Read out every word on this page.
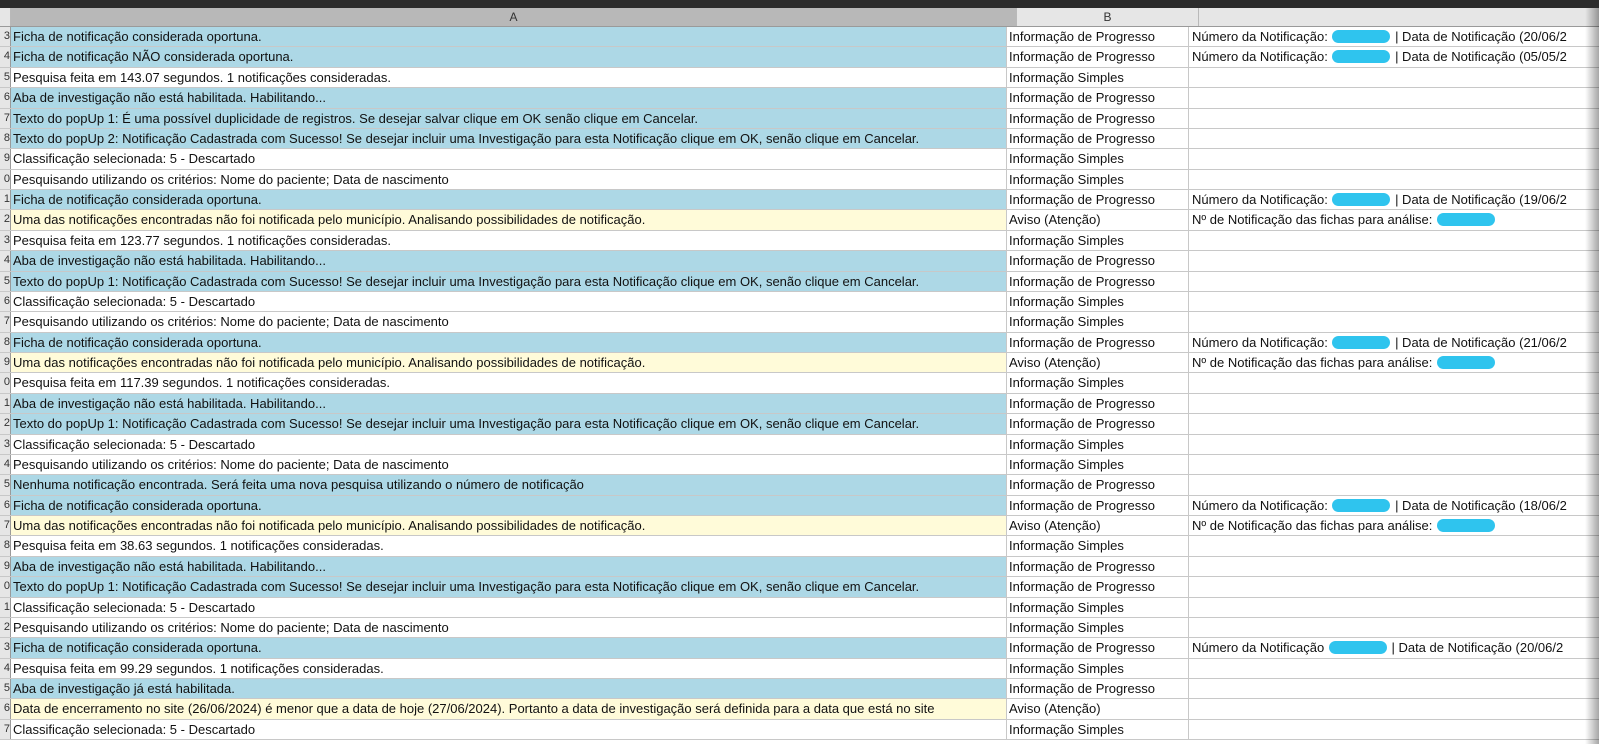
A	B
3 Ficha de notificação considerada oportuna.	Informação de Progresso	Número da Notificação:	| Data de Notificação (20/06/2
4 Ficha de notificação NÃO considerada oportuna.	Informação de Progresso	Número da Notificação:	| Data de Notificação (05/05/2
5 Pesquisa feita em 143.07 segundos. 1 notificações consideradas.	Informação Simples
6 Aba de investigação não está habilitada. Habilitando...	Informação de Progresso
7 Texto do popUp 1: É uma possível duplicidade de registros. Se desejar salvar clique em OK senão clique em Cancelar.	Informação de Progresso
8 Texto do popUp 2: Notificação Cadastrada com Sucesso! Se desejar incluir uma Investigação para esta Notificação clique em OK, senão clique em Cancelar.	Informação de Progresso
9 Classificação selecionada: 5 - Descartado	Informação Simples
0 Pesquisando utilizando os critérios: Nome do paciente; Data de nascimento	Informação Simples
1 Ficha de notificação considerada oportuna.	Informação de Progresso	Número da Notificação:	| Data de Notificação (19/06/2
2 Uma das notificações encontradas não foi notificada pelo município. Analisando possibilidades de notificação.	Aviso (Atenção)	Nº de Notificação das fichas para análise:
3 Pesquisa feita em 123.77 segundos. 1 notificações consideradas.	Informação Simples
4 Aba de investigação não está habilitada. Habilitando...	Informação de Progresso
5 Texto do popUp 1: Notificação Cadastrada com Sucesso! Se desejar incluir uma Investigação para esta Notificação clique em OK, senão clique em Cancelar.	Informação de Progresso
6 Classificação selecionada: 5 - Descartado	Informação Simples
7 Pesquisando utilizando os critérios: Nome do paciente; Data de nascimento	Informação Simples
8 Ficha de notificação considerada oportuna.	Informação de Progresso	Número da Notificação:	| Data de Notificação (21/06/2
9 Uma das notificações encontradas não foi notificada pelo município. Analisando possibilidades de notificação.	Aviso (Atenção)	Nº de Notificação das fichas para análise:
0 Pesquisa feita em 117.39 segundos. 1 notificações consideradas.	Informação Simples
1 Aba de investigação não está habilitada. Habilitando...	Informação de Progresso
2 Texto do popUp 1: Notificação Cadastrada com Sucesso! Se desejar incluir uma Investigação para esta Notificação clique em OK, senão clique em Cancelar.	Informação de Progresso
3 Classificação selecionada: 5 - Descartado	Informação Simples
4 Pesquisando utilizando os critérios: Nome do paciente; Data de nascimento	Informação Simples
5 Nenhuma notificação encontrada. Será feita uma nova pesquisa utilizando o número de notificação	Informação de Progresso
6 Ficha de notificação considerada oportuna.	Informação de Progresso	Número da Notificação:	| Data de Notificação (18/06/2
7 Uma das notificações encontradas não foi notificada pelo município. Analisando possibilidades de notificação.	Aviso (Atenção)	Nº de Notificação das fichas para análise:
8 Pesquisa feita em 38.63 segundos. 1 notificações consideradas.	Informação Simples
9 Aba de investigação não está habilitada. Habilitando...	Informação de Progresso
0 Texto do popUp 1: Notificação Cadastrada com Sucesso! Se desejar incluir uma Investigação para esta Notificação clique em OK, senão clique em Cancelar.	Informação de Progresso
1 Classificação selecionada: 5 - Descartado	Informação Simples
2 Pesquisando utilizando os critérios: Nome do paciente; Data de nascimento	Informação Simples
3 Ficha de notificação considerada oportuna.	Informação de Progresso	Número da Notificação	| Data de Notificação (20/06/2
4 Pesquisa feita em 99.29 segundos. 1 notificações consideradas.	Informação Simples
5 Aba de investigação já está habilitada.	Informação de Progresso
6 Data de encerramento no site (26/06/2024) é menor que a data de hoje (27/06/2024). Portanto a data de investigação será definida para a data que está no site	Aviso (Atenção)
7 Classificação selecionada: 5 - Descartado	Informação Simples
